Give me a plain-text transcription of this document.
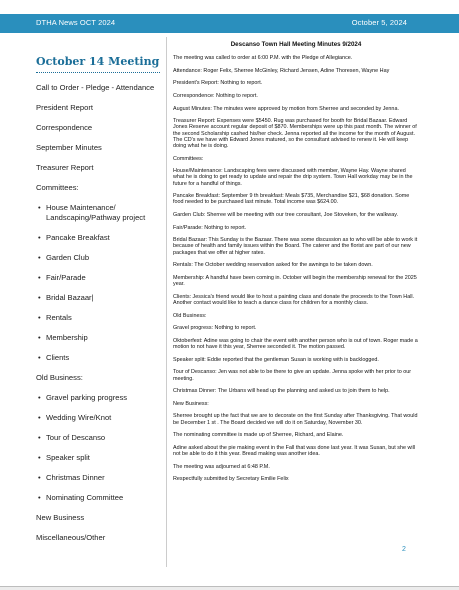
DTHA News OCT 2024	October 5, 2024
October 14 Meeting
Call to Order - Pledge - Attendance
President Report
Correspondence
September Minutes
Treasurer Report
Committees:
• House Maintenance/ Landscaping/Pathway project
• Pancake Breakfast
• Garden Club
• Fair/Parade
• Bridal Bazaar|
• Rentals
• Membership
• Clients
Old Business:
• Gravel parking progress
• Wedding Wire/Knot
• Tour of Descanso
• Speaker split
• Christmas Dinner
• Nominating Committee
New Business
Miscellaneous/Other
Descanso Town Hall Meeting Minutes 9/2024

The meeting was called to order at 6:00 P.M. with the Pledge of Allegiance.

Attendance: Roger Felix, Sherree McGinley, Richard Jensen, Adine Thoresen, Wayne Hay

President's Report: Nothing to report.

Correspondence: Nothing to report.

August Minutes: The minutes were approved by motion from Sherree and seconded by Jenna.

Treasurer Report: Expenses were $5450. Rug was purchased for booth for Bridal Bazaar. Edward Jones Reserve account regular deposit of $870. Memberships were up this past month. The winner of the second Scholarship cashed his/her check. Jenna reported all the income for the month of August. The CD's we have with Edward Jones matured, so the consultant advised to renew it. He will keep doing what he is doing.

Committees:

House/Maintenance: Landscaping fees were discussed with member, Wayne Hay. Wayne shared what he is doing to get ready to update and repair the drip system. Town Hall workday may be in the future for a handful of things.

Pancake Breakfast: September 9 th breakfast: Meals $735, Merchandise $21, $68 donation. Some food needed to be purchased last minute. Total income was $624.00.

Garden Club: Sherree will be meeting with our tree consultant, Joe Stoveken, for the walkway.

Fair/Parade: Nothing to report.

Bridal Bazaar: This Sunday is the Bazaar. There was some discussion as to who will be able to work it because of health and family issues within the Board. The caterer and the florist are part of our new packages that we offer at higher rates.

Rentals: The October wedding reservation asked for the awnings to be taken down.

Membership: A handful have been coming in. October will begin the membership renewal for the 2025 year.

Clients: Jessica's friend would like to host a painting class and donate the proceeds to the Town Hall. Another contact would like to teach a dance class for children for a monthly class.

Old Business:

Gravel progress: Nothing to report.

Oktoberfest: Adine was going to chair the event with another person who is out of town. Roger made a motion to not have it this year, Sherree seconded it. The motion passed.

Speaker split: Eddie reported that the gentleman Susan is working with is backlogged.

Tour of Descanso: Jen was not able to be there to give an update. Jenna spoke with her prior to our meeting.

Christmas Dinner: The Urbans will head up the planning and asked us to join them to help.

New Business:

Sherree brought up the fact that we are to decorate on the first Sunday after Thanksgiving. That would be December 1 st . The Board decided we will do it on Saturday, November 30.

The nominating committee is made up of Sherree, Richard, and Elaine.

Adine asked about the pie making event in the Fall that was done last year. It was Susan, but she will not be able to do it this year. Bread making was another idea.

The meeting was adjourned at 6:48 P.M.

Respectfully submitted by Secretary Emilie Felix

2
